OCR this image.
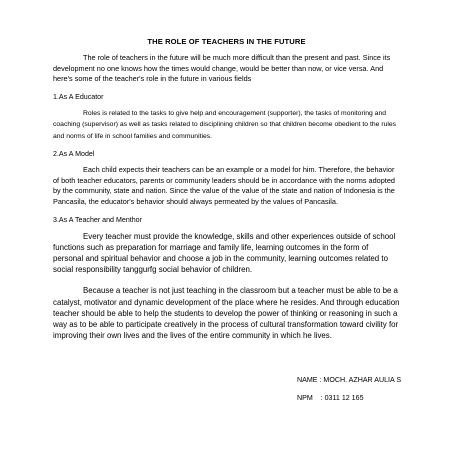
THE ROLE OF TEACHERS IN THE FUTURE

The role of teachers in the future will be much more difficult than the present and past. Since its development no one knows how the times would change, would be better than now, or vice versa. And here's some of the teacher's role in the future in various fields

1.As A Educator

Roles is related to the tasks to give help and encouragement (supporter), the tasks of monitoring and coaching (supervisor) as well as tasks related to disciplining children so that children become obedient to the rules and norms of life in school families and communities.

2.As A Model

Each child expects their teachers can be an example or a model for him. Therefore, the behavior of both teacher educators, parents or community leaders should be in accordance with the norms adopted by the community, state and nation. Since the value of the value of the state and nation of Indonesia is the Pancasila, the educator's behavior should always permeated by the values of Pancasila.

3.As A Teacher and Menthor

Every teacher must provide the knowledge, skills and other experiences outside of school functions such as preparation for marriage and family life, learning outcomes in the form of personal and spiritual behavior and choose a job in the community, learning outcomes related to social responsibility tanggurfg social behavior of children.

Because a teacher is not just teaching in the classroom but a teacher must be able to be a catalyst, motivator and dynamic development of the place where he resides. And through education teacher should be able to help the students to develop the power of thinking or reasoning in such a way as to be able to participate creatively in the process of cultural transformation toward civility for improving their own lives and the lives of the entire community in which he lives.

NAME : MOCH. AZHAR AULIA S
NPM    : 0311 12 165
